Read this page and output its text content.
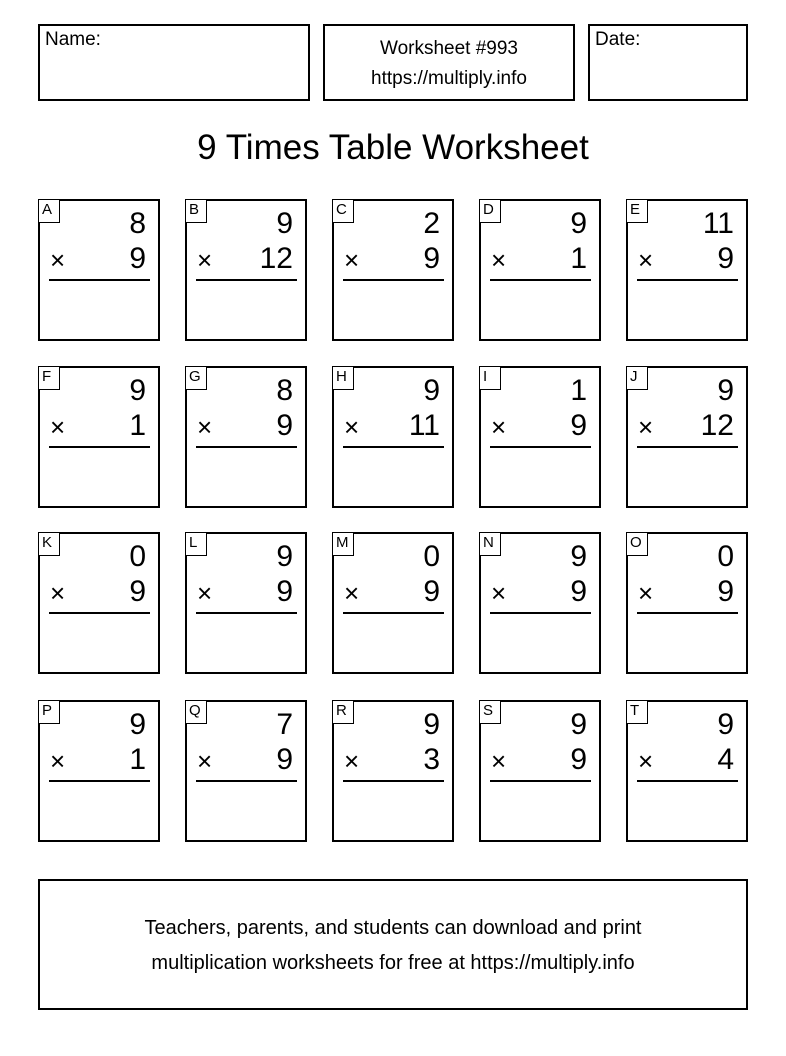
Name:	Worksheet #993
https://multiply.info
Date:
9 Times Table Worksheet
A	8
× 9
B	9
× 12
C	2
× 9
D	9
× 1
E 11
× 9
F	9
× 1
G	8
× 9
H	9
× 11
I	1
× 9
J	9
× 12
K	0
× 9
L	9
× 9
M 0
× 9
N	9
× 9
O	0
× 9
P	9
× 1
Q	7
× 9
R	9
× 3
S	9
× 9
T	9
× 4
Teachers, parents, and students can download and print
multiplication worksheets for free at https://multiply.info
